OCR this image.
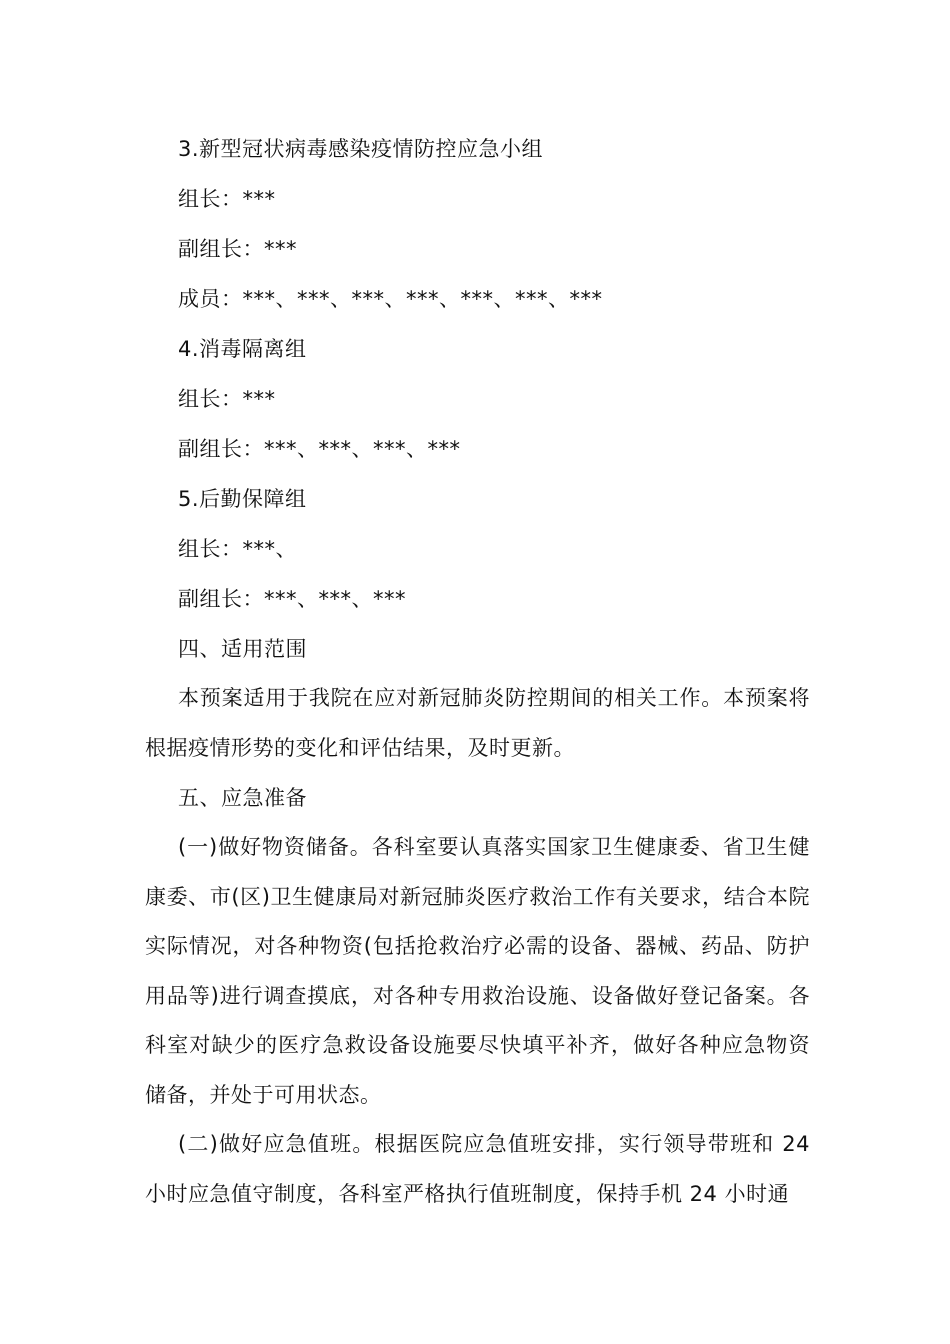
3.新型冠状病毒感染疫情防控应急小组
组长：***
副组长：***
成员：***、***、***、***、***、***、***
4.消毒隔离组
组长：***
副组长：***、***、***、***
5.后勤保障组
组长：***、
副组长：***、***、***
四、适用范围

本预案适用于我院在应对新冠肺炎防控期间的相关工作。本预案将根据疫情形势的变化和评估结果，及时更新。

五、应急准备

(一)做好物资储备。各科室要认真落实国家卫生健康委、省卫生健康委、市(区)卫生健康局对新冠肺炎医疗救治工作有关要求，结合本院实际情况，对各种物资(包括抢救治疗必需的设备、器械、药品、防护用品等)进行调查摸底，对各种专用救治设施、设备做好登记备案。各科室对缺少的医疗急救设备设施要尽快填平补齐，做好各种应急物资储备，并处于可用状态。

(二)做好应急值班。根据医院应急值班安排，实行领导带班和 24 小时应急值守制度，各科室严格执行值班制度，保持手机 24 小时通
